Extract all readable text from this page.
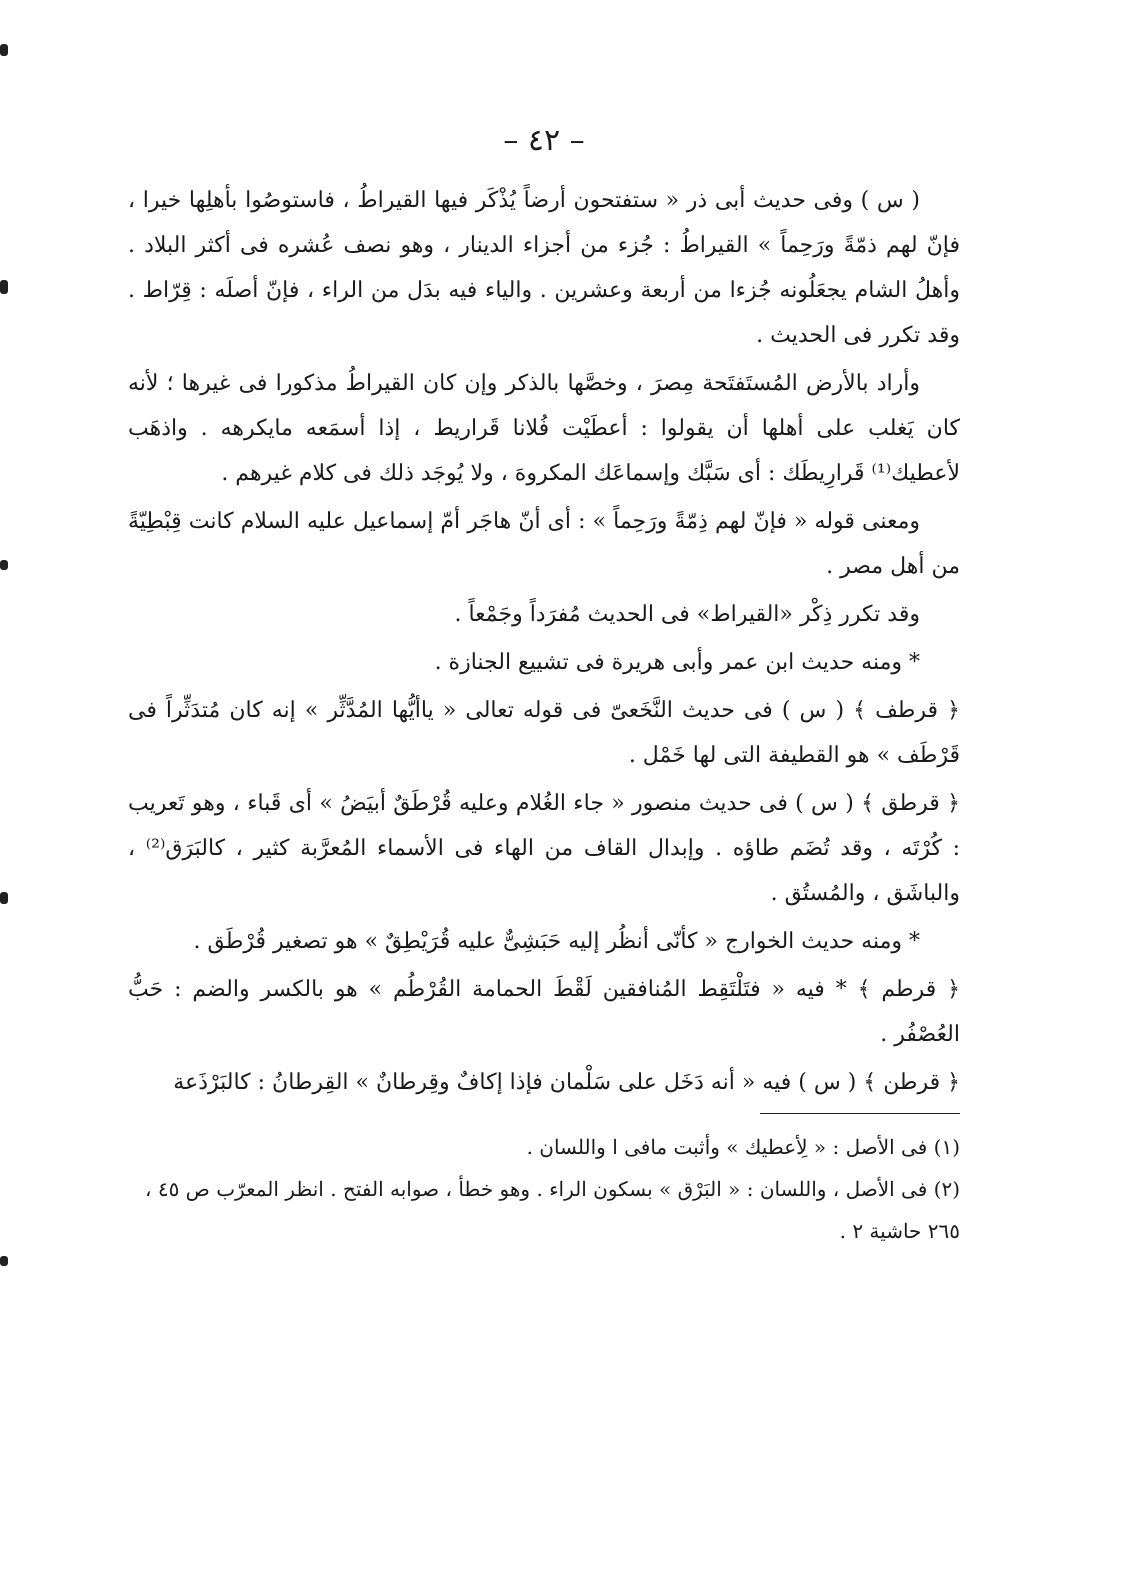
– ٤٢ –

( س ) وفى حديث أبى ذر « ستفتحون أرضاً يُذْكَر فيها القيراطُ ، فاستوصُوا بأهلِها خيرا ، فإنّ لهم ذمّةً ورَحِماً » القيراطُ : جُزء من أجزاء الدينار ، وهو نصف عُشره فى أكثر البلاد . وأهلُ الشام يجعَلُونه جُزءا من أربعة وعشرين . والياء فيه بدَل من الراء ، فإنّ أصلَه : قِرّاط . وقد تكرر فى الحديث .

وأراد بالأرض المُستَفتَحة مِصرَ ، وخصَّها بالذكر وإن كان القيراطُ مذكورا فى غيرها ؛ لأنه كان يَغلب على أهلها أن يقولوا : أعطَيْت فُلانا قَراريط ، إذا أسمَعه مايكرهه . واذهَب لأعطيك⁽¹⁾ قَرارِيطَك : أى سَبَّك وإسماعَك المكروهَ ، ولا يُوجَد ذلك فى كلام غيرهم .

ومعنى قوله « فإنّ لهم ذِمّةً ورَحِماً » : أى أنّ هاجَر أمّ إسماعيل عليه السلام كانت قِبْطِيّةً من أهل مصر .

وقد تكرر ذِكْر «القيراط» فى الحديث مُفرَداً وجَمْعاً .

* ومنه حديث ابن عمر وأبى هريرة فى تشييع الجنازة .

﴿ قرطف ﴾ ( س ) فى حديث النَّخَعىّ فى قوله تعالى « ياأيُّها المُدَّثِّر » إنه كان مُتدَثِّراً فى قَرْطَف » هو القطيفة التى لها خَمْل .

﴿ قرطق ﴾ ( س ) فى حديث منصور « جاء الغُلام وعليه قُرْطَقٌ أبيَضُ » أى قَباء ، وهو تَعريب : كُرْتَه ، وقد تُضَم طاؤه . وإبدال القاف من الهاء فى الأسماء المُعرَّبة كثير ، كالبَرَق⁽²⁾ ، والباشَق ، والمُستُق .

* ومنه حديث الخوارج « كأنّى أنظُر إليه حَبَشِىٌّ عليه قُرَيْطِقٌ » هو تصغير قُرْطَق .

﴿ قرطم ﴾ * فيه « فتَلْتَقِط المُنافقين لَقْطَ الحمامة القُرْطُم » هو بالكسر والضم : حَبُّ العُصْفُر .

﴿ قرطن ﴾ ( س ) فيه « أنه دَخَل على سَلْمان فإذا إكافٌ وقِرطانٌ » القِرطانُ : كالبَرْذَعة

(١) فى الأصل : « لِأعطيك » وأثبت مافى ا واللسان .

(٢) فى الأصل ، واللسان : « البَرْق » بسكون الراء . وهو خطأ ، صوابه الفتح . انظر المعرّب ص ٤٥ ، ٢٦٥ حاشية ٢ .
